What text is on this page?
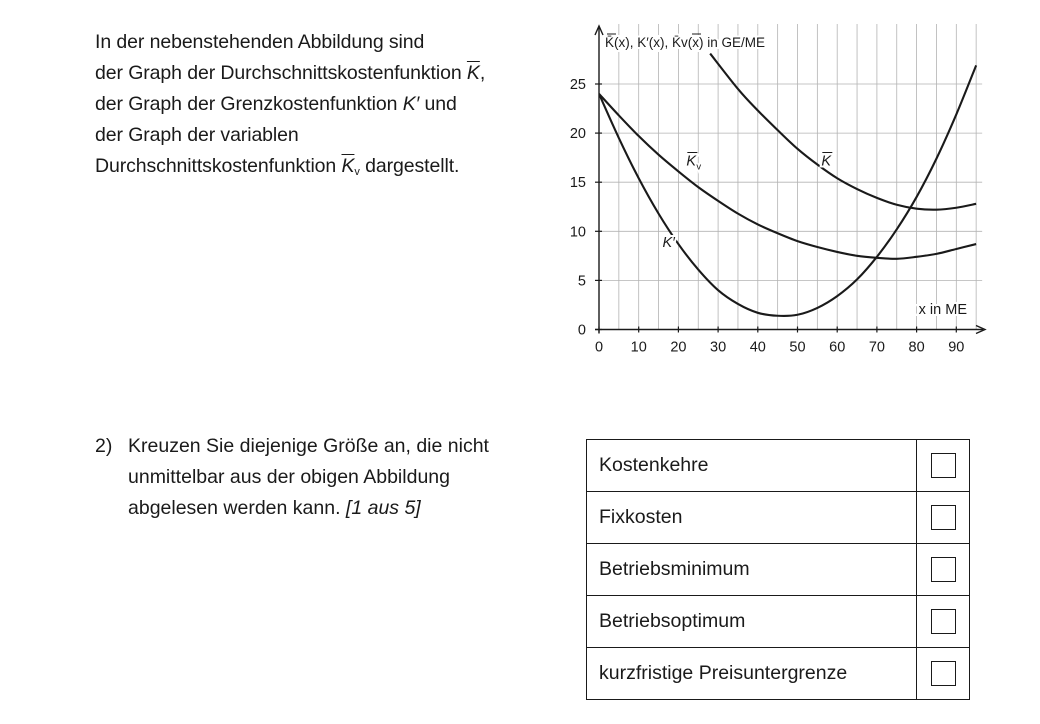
In der nebenstehenden Abbildung sind
der Graph der Durchschnittskostenfunktion $\overline{K}$,
der Graph der Grenzkostenfunktion K′ und
der Graph der variablen
Durchschnittskostenfunktion $\overline{K}_v$ dargestellt.
0 10 20 30 40 50 60 70 80 90
0
5
10
15
20
25
K
K v
K′
K̄(x), K′(x), K̄v(x) in GE/ME
x in ME
2) Kreuzen Sie diejenige Größe an, die nicht
unmittelbar aus der obigen Abbildung
abgelesen werden kann. [1 aus 5]
Kostenkehre	
Fixkosten	
Betriebsminimum	
Betriebsoptimum	
kurzfristige Preisuntergrenze	
